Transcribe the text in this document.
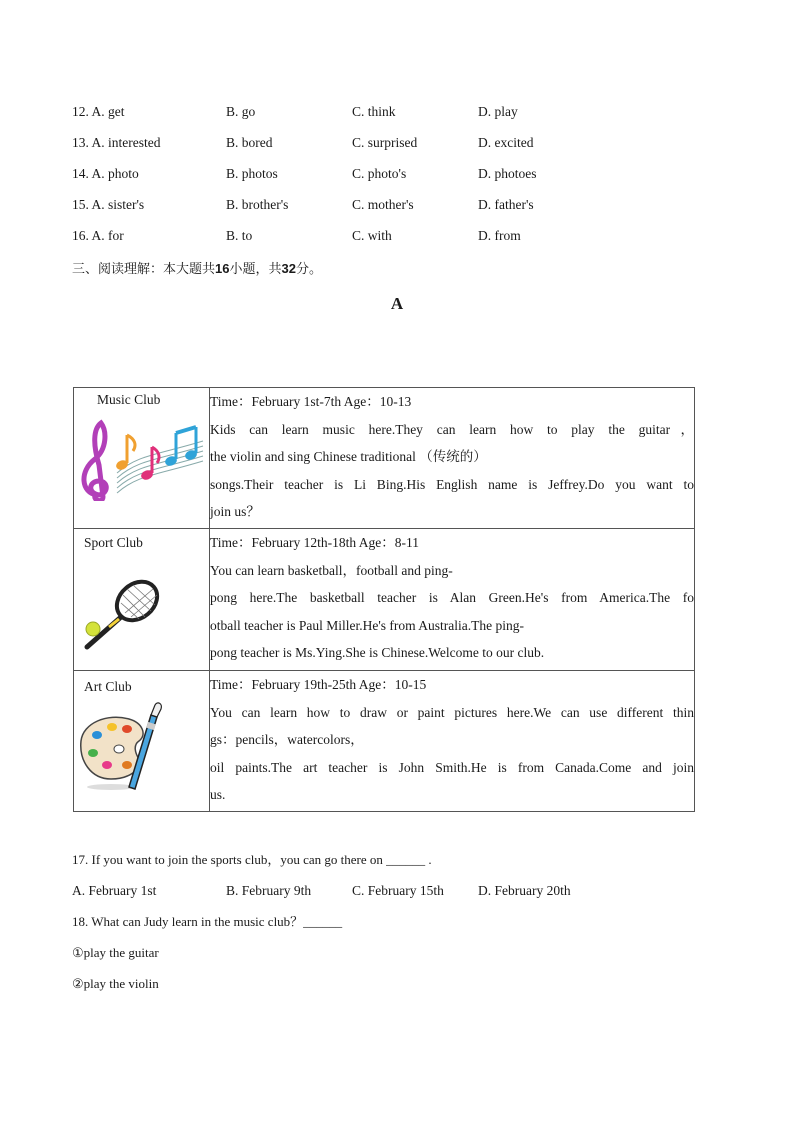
12. A. get	B. go	C. think	D. play
13. A. interested	B. bored	C. surprised	D. excited
14. A. photo	B. photos	C. photo's	D. photoes
15. A. sister's	B. brother's	C. mother's	D. father's
16. A. for	B. to	C. with	D. from
三、阅读理解：本大题共16小题，共32分。
A
Music Club	Time：February 1st-7th Age：10-13
Kids can learn music here.They can learn how to play the guitar，
the violin and sing Chinese traditional （传统的）
songs.Their teacher is Li Bing.His English name is Jeffrey.Do you want to
join us？

Sport Club	Time：February 12th-18th Age：8-11
You can learn basketball，football and ping-
pong here.The basketball teacher is Alan Green.He's from America.The fo
otball teacher is Paul Miller.He's from Australia.The ping-
pong teacher is Ms.Ying.She is Chinese.Welcome to our club.

Art Club	Time：February 19th-25th Age：10-15
You can learn how to draw or paint pictures here.We can use different thin
gs：pencils，watercolors，
oil paints.The art teacher is John Smith.He is from Canada.Come and join
us.
17. If you want to join the sports club，you can go there on ______ .
A. February 1st	B. February 9th	C. February 15th	D. February 20th
18. What can Judy learn in the music club？______
①play the guitar
②play the violin
